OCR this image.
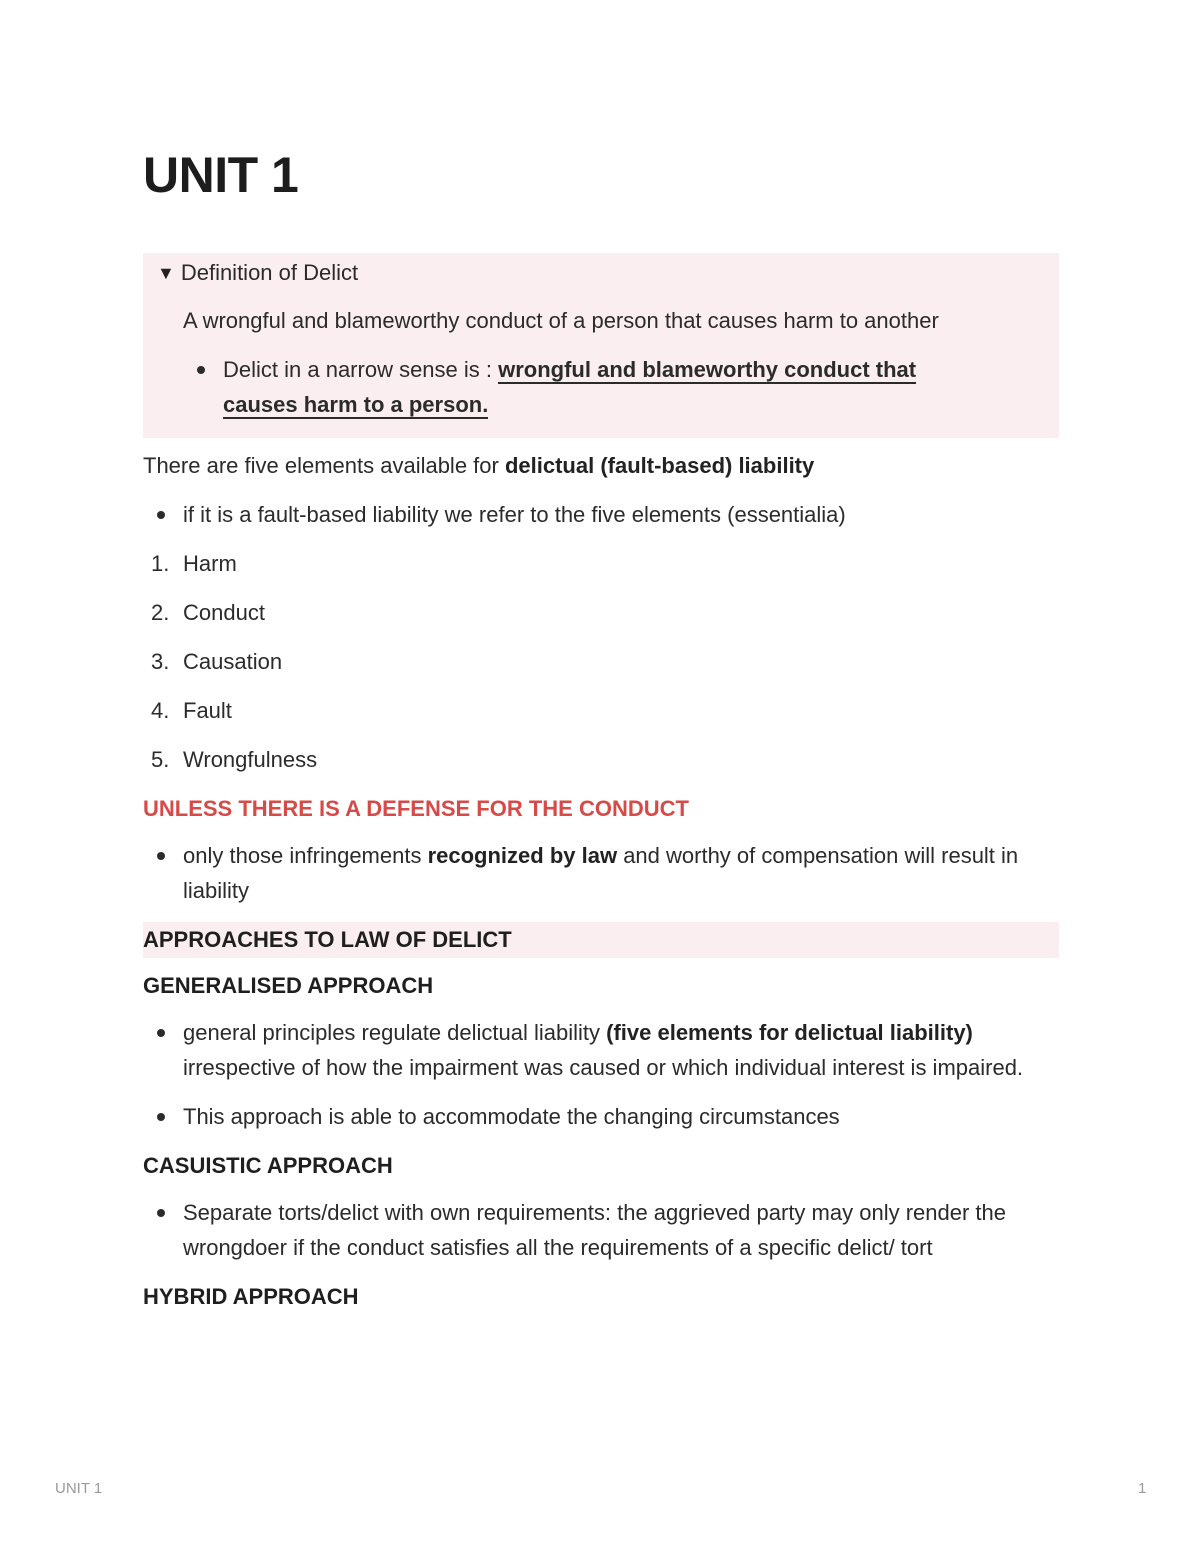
UNIT 1
▼ Definition of Delict

A wrongful and blameworthy conduct of a person that causes harm to another

Delict in a narrow sense is : wrongful and blameworthy conduct that
causes harm to a person.

There are five elements available for delictual (fault-based) liability

if it is a fault-based liability we refer to the five elements (essentialia)
1. Harm
2. Conduct
3. Causation
4. Fault
5. Wrongfulness
UNLESS THERE IS A DEFENSE FOR THE CONDUCT
only those infringements recognized by law and worthy of compensation will result in liability
APPROACHES TO LAW OF DELICT
GENERALISED APPROACH
general principles regulate delictual liability (five elements for delictual liability) irrespective of how the impairment was caused or which individual interest is impaired.
This approach is able to accommodate the changing circumstances
CASUISTIC APPROACH
Separate torts/delict with own requirements: the aggrieved party may only render the wrongdoer if the conduct satisfies all the requirements of a specific delict/ tort
HYBRID APPROACH
UNIT 1	1
